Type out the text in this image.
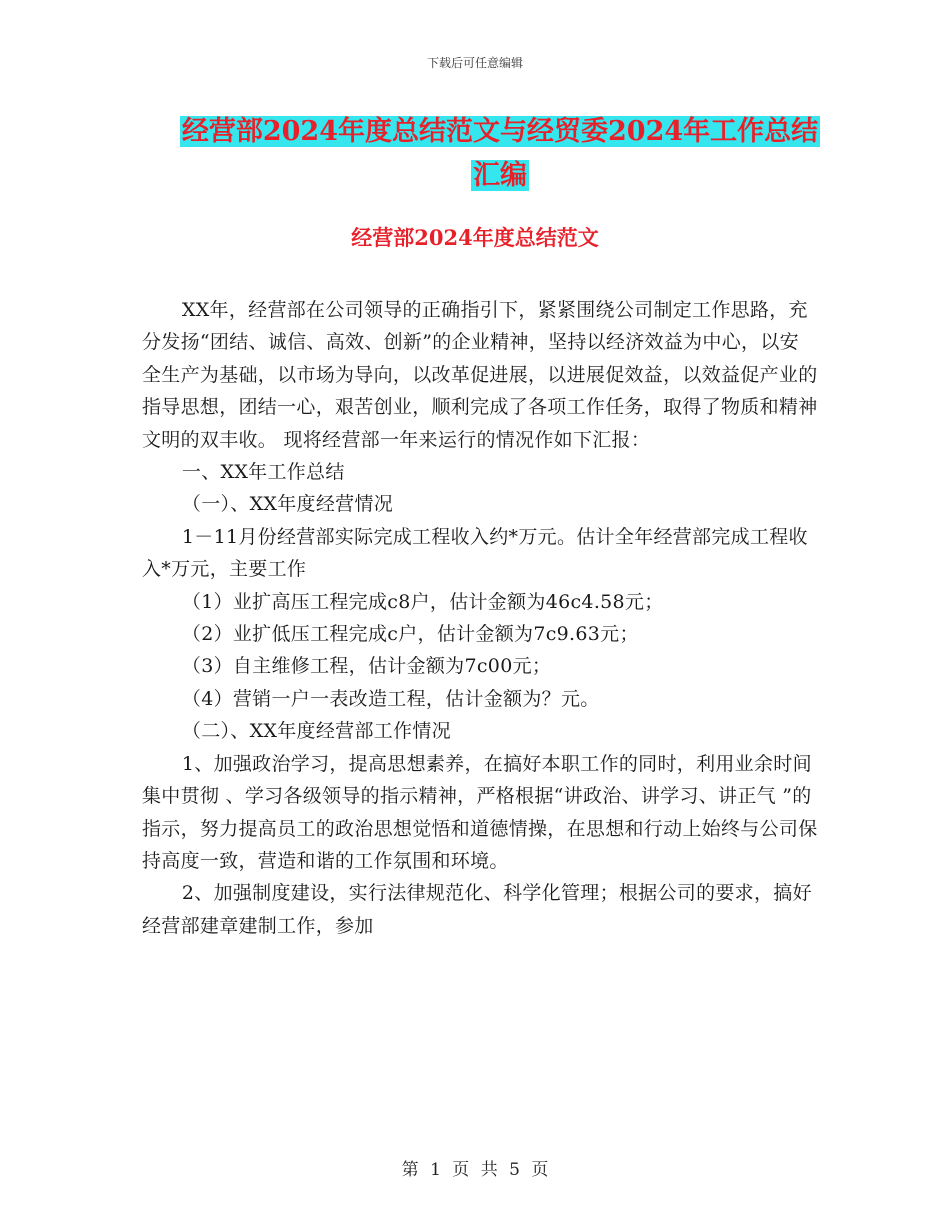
下载后可任意编辑
经营部2024年度总结范文与经贸委2024年工作总结
汇编
经营部2024年度总结范文

XX年，经营部在公司领导的正确指引下，紧紧围绕公司制定工作思路，充分发扬“团结、诚信、高效、创新”的企业精神，坚持以经济效益为中心，以安全生产为基础，以市场为导向，以改革促进展，以进展促效益，以效益促产业的指导思想，团结一心，艰苦创业，顺利完成了各项工作任务，取得了物质和精神文明的双丰收。 现将经营部一年来运行的情况作如下汇报：

一、XX年工作总结

（一）、XX年度经营情况

1－11月份经营部实际完成工程收入约*万元。估计全年经营部完成工程收入*万元，主要工作

（1）业扩高压工程完成c8户，估计金额为46c4.58元；

（2）业扩低压工程完成c户，估计金额为7c9.63元；

（3）自主维修工程，估计金额为7c00元；

（4）营销一户一表改造工程，估计金额为？元。

（二）、XX年度经营部工作情况

1、加强政治学习，提高思想素养，在搞好本职工作的同时，利用业余时间集中贯彻 、学习各级领导的指示精神，严格根据“讲政治、讲学习、讲正气 ”的指示，努力提高员工的政治思想觉悟和道德情操，在思想和行动上始终与公司保持高度一致，营造和谐的工作氛围和环境。

2、加强制度建设，实行法律规范化、科学化管理；根据公司的要求，搞好经营部建章建制工作，参加

第 1 页 共 5 页
